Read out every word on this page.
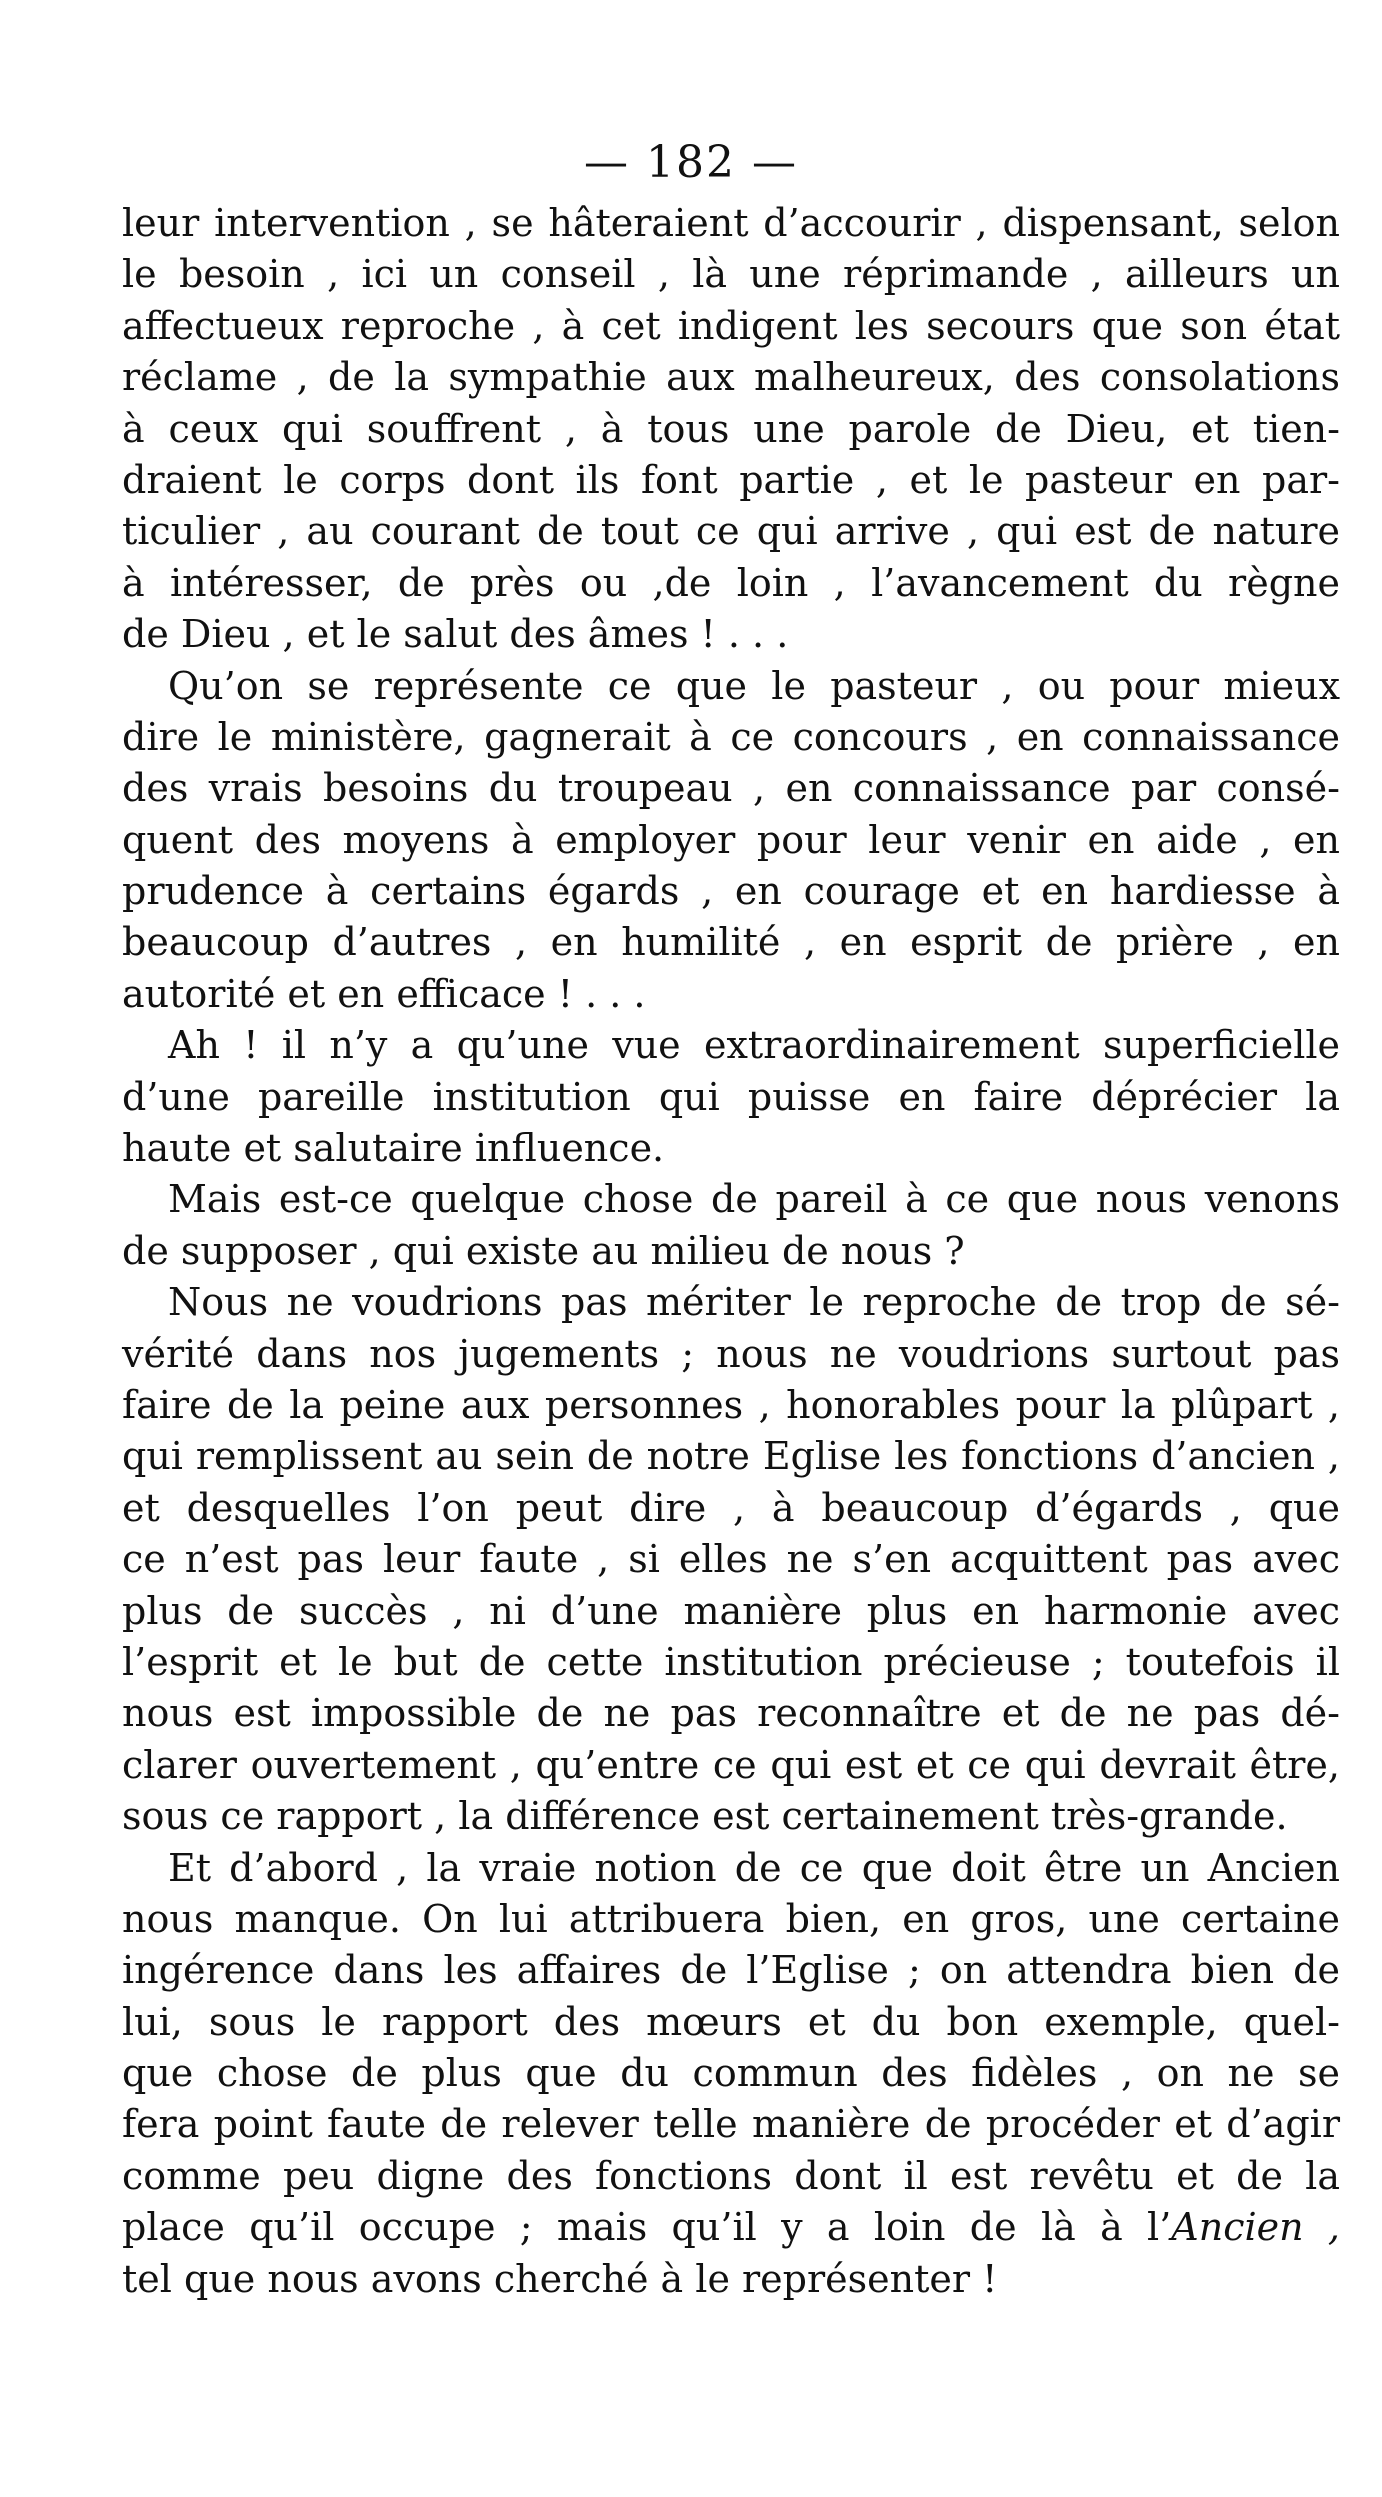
— 182 —
leur intervention , se hâteraient d’accourir , dispensant, selon
le besoin , ici un conseil , là une réprimande , ailleurs un
affectueux reproche , à cet indigent les secours que son état
réclame , de la sympathie aux malheureux, des consolations
à ceux qui souffrent , à tous une parole de Dieu, et tien-
draient le corps dont ils font partie , et le pasteur en par-
ticulier , au courant de tout ce qui arrive , qui est de nature
à intéresser, de près ou ,de loin , l’avancement du règne
de Dieu , et le salut des âmes ! . . .
Qu’on se représente ce que le pasteur , ou pour mieux
dire le ministère, gagnerait à ce concours , en connaissance
des vrais besoins du troupeau , en connaissance par consé-
quent des moyens à employer pour leur venir en aide , en
prudence à certains égards , en courage et en hardiesse à
beaucoup d’autres , en humilité , en esprit de prière , en
autorité et en efficace ! . . .
Ah ! il n’y a qu’une vue extraordinairement superficielle
d’une pareille institution qui puisse en faire déprécier la
haute et salutaire influence.
Mais est-ce quelque chose de pareil à ce que nous venons
de supposer , qui existe au milieu de nous ?
Nous ne voudrions pas mériter le reproche de trop de sé-
vérité dans nos jugements ; nous ne voudrions surtout pas
faire de la peine aux personnes , honorables pour la plûpart ,
qui remplissent au sein de notre Eglise les fonctions d’ancien ,
et desquelles l’on peut dire , à beaucoup d’égards , que
ce n’est pas leur faute , si elles ne s’en acquittent pas avec
plus de succès , ni d’une manière plus en harmonie avec
l’esprit et le but de cette institution précieuse ; toutefois il
nous est impossible de ne pas reconnaître et de ne pas dé-
clarer ouvertement , qu’entre ce qui est et ce qui devrait être,
sous ce rapport , la différence est certainement très-grande.
Et d’abord , la vraie notion de ce que doit être un Ancien
nous manque. On lui attribuera bien, en gros, une certaine
ingérence dans les affaires de l’Eglise ; on attendra bien de
lui, sous le rapport des mœurs et du bon exemple, quel-
que chose de plus que du commun des fidèles , on ne se
fera point faute de relever telle manière de procéder et d’agir
comme peu digne des fonctions dont il est revêtu et de la
place qu’il occupe ; mais qu’il y a loin de là à l’Ancien ,
tel que nous avons cherché à le représenter !
